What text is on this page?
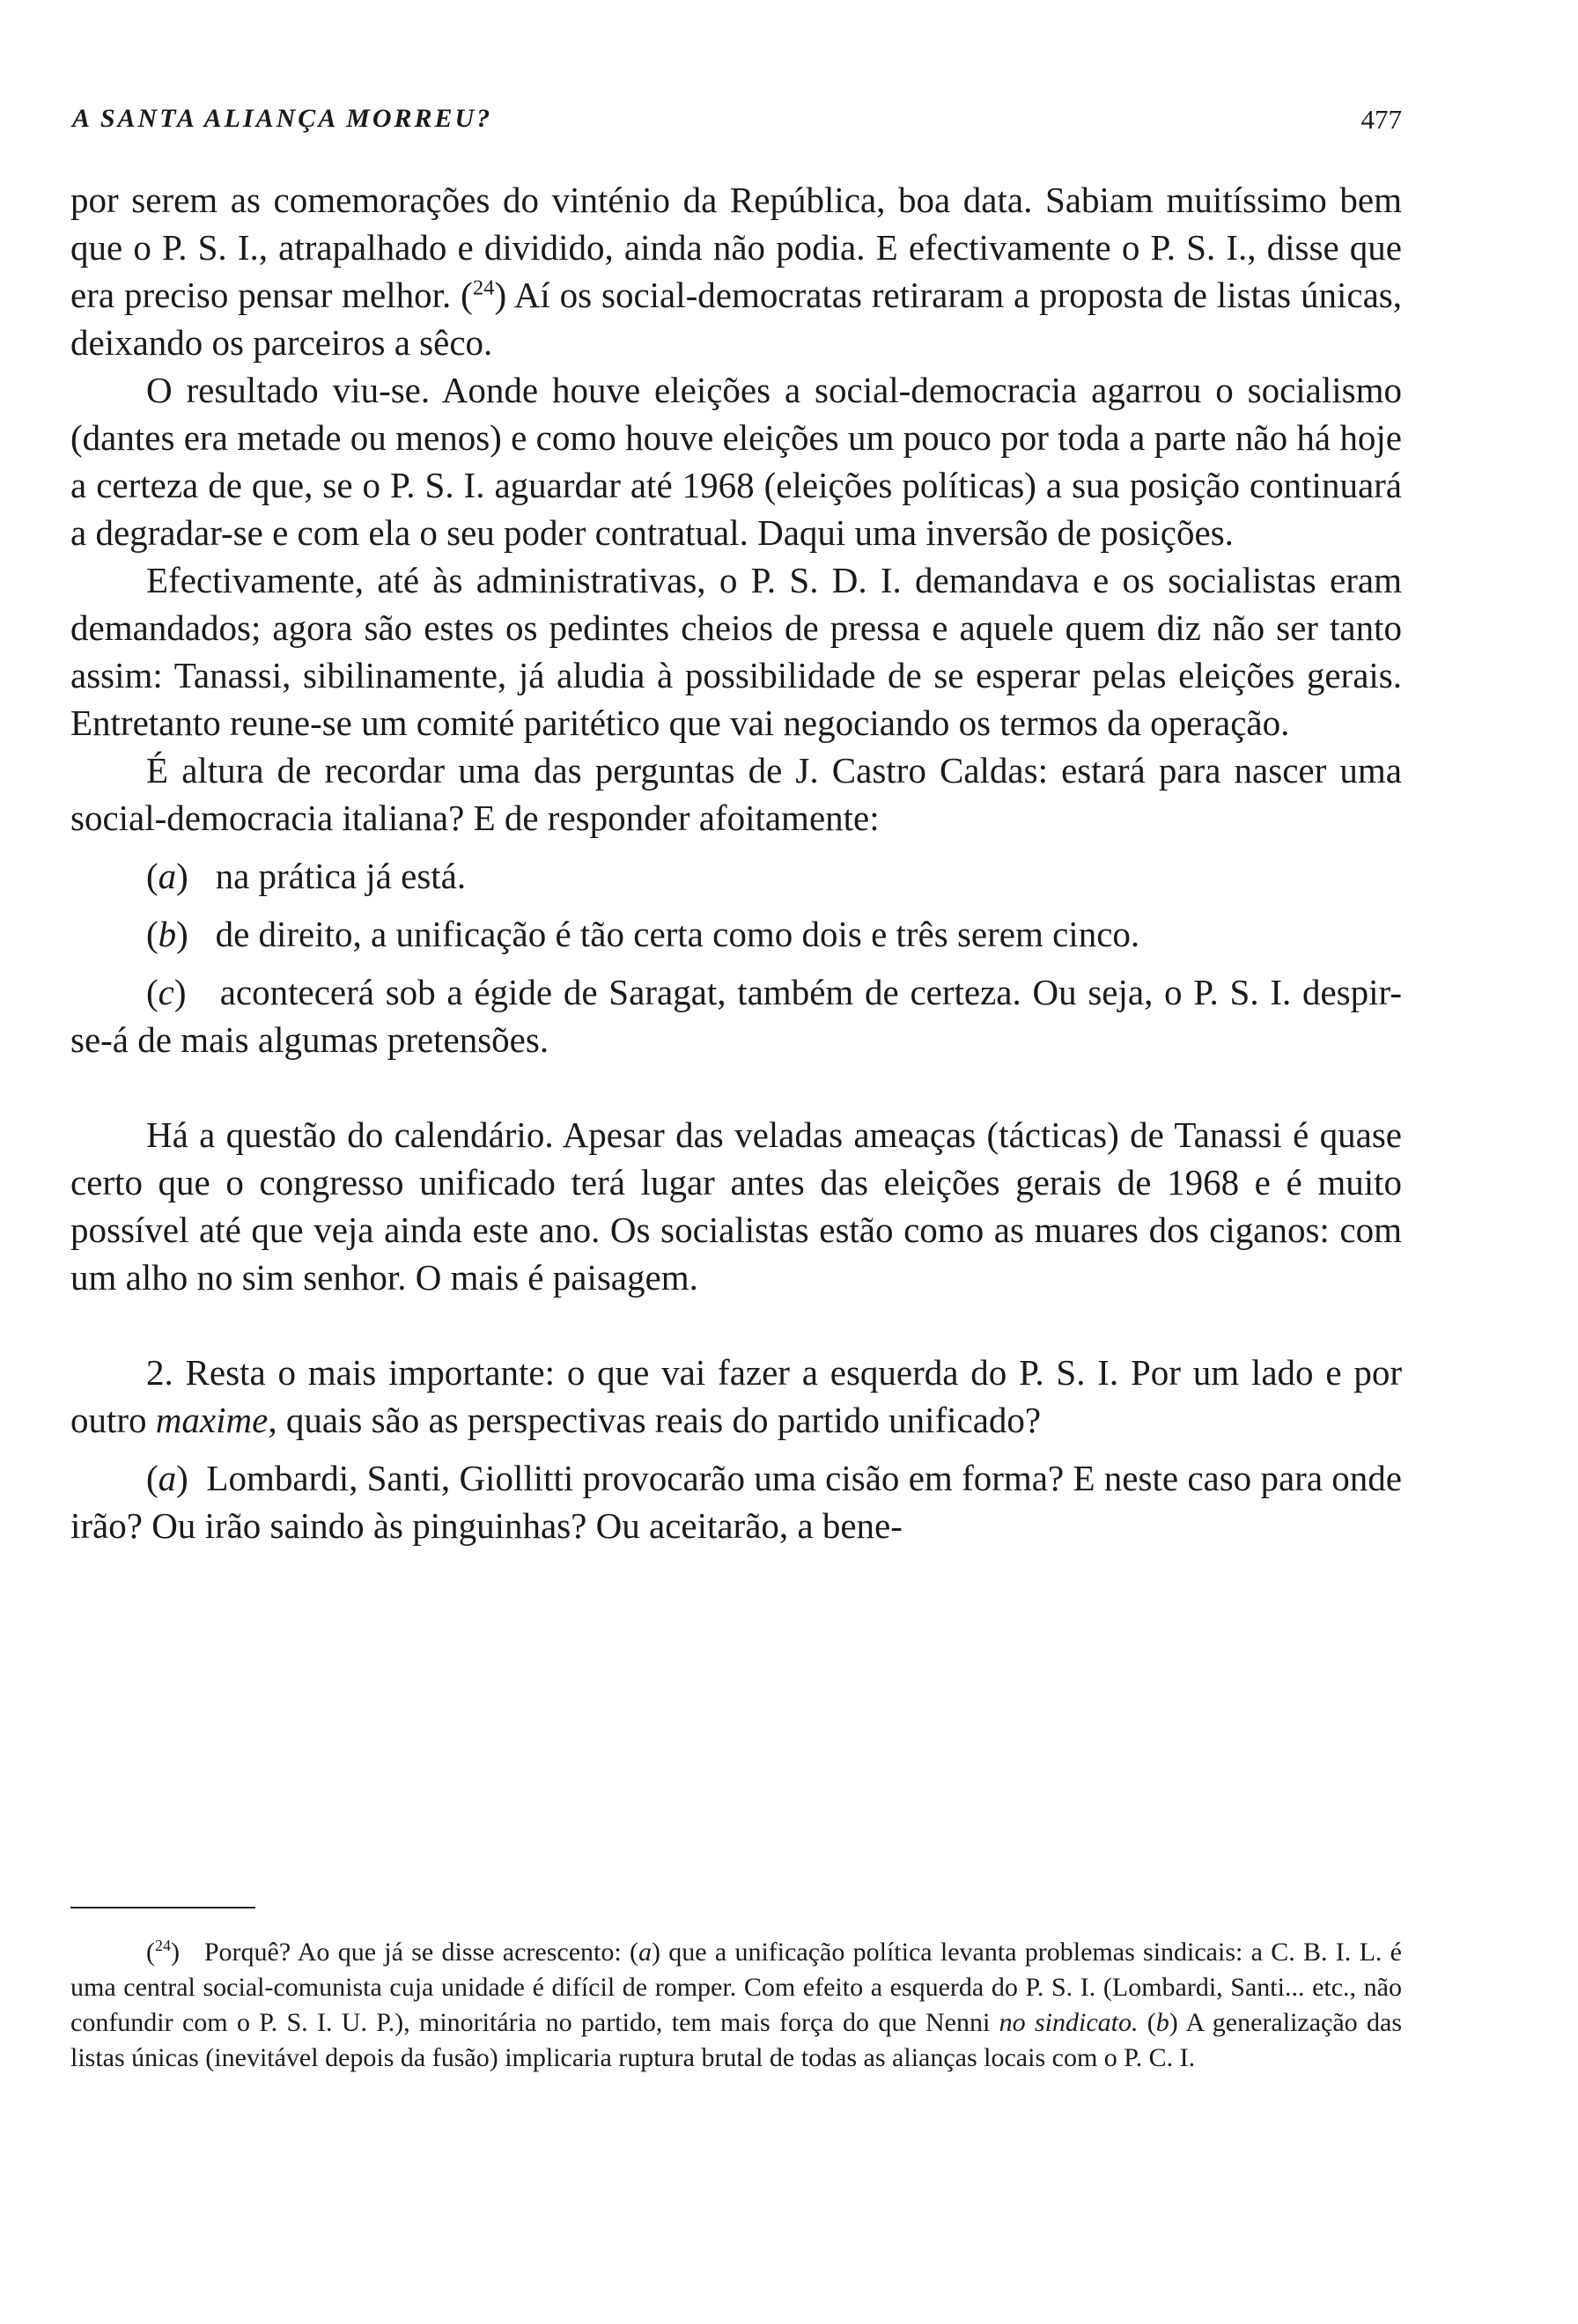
A SANTA ALIANÇA MORREU?	477

por serem as comemorações do vinténio da República, boa data. Sabiam muitíssimo bem que o P. S. I., atrapalhado e dividido, ainda não podia. E efectivamente o P. S. I., disse que era preciso pensar melhor. ($^{24}$) Aí os social-democratas retiraram a proposta de listas únicas, deixando os parceiros a sêco.

O resultado viu-se. Aonde houve eleições a social-democracia agarrou o socialismo (dantes era metade ou menos) e como houve eleições um pouco por toda a parte não há hoje a certeza de que, se o P. S. I. aguardar até 1968 (eleições políticas) a sua posição continuará a degradar-se e com ela o seu poder contratual. Daqui uma inversão de posições.

Efectivamente, até às administrativas, o P. S. D. I. demandava e os socialistas eram demandados; agora são estes os pedintes cheios de pressa e aquele quem diz não ser tanto assim: Tanassi, sibilinamente, já aludia à possibilidade de se esperar pelas eleições gerais. Entretanto reune-se um comité paritético que vai negociando os termos da operação.

É altura de recordar uma das perguntas de J. Castro Caldas: estará para nascer uma social-democracia italiana? E de responder afoitamente:

(a)   na prática já está.

(b)   de direito, a unificação é tão certa como dois e três serem cinco.

(c)   acontecerá sob a égide de Saragat, também de certeza. Ou seja, o P. S. I. despir-se-á de mais algumas pretensões.

Há a questão do calendário. Apesar das veladas ameaças (tácticas) de Tanassi é quase certo que o congresso unificado terá lugar antes das eleições gerais de 1968 e é muito possível até que veja ainda este ano. Os socialistas estão como as muares dos ciganos: com um alho no sim senhor. O mais é paisagem.

2. Resta o mais importante: o que vai fazer a esquerda do P. S. I. Por um lado e por outro maxime, quais são as perspectivas reais do partido unificado?

(a)  Lombardi, Santi, Giollitti provocarão uma cisão em forma? E neste caso para onde irão? Ou irão saindo às pinguinhas? Ou aceitarão, a bene-

($^{24}$)   Porquê? Ao que já se disse acrescento: (a) que a unificação política levanta problemas sindicais: a C. B. I. L. é uma central social-comunista cuja unidade é difícil de romper. Com efeito a esquerda do P. S. I. (Lombardi, Santi... etc., não confundir com o P. S. I. U. P.), minoritária no partido, tem mais força do que Nenni no sindicato. (b) A generalização das listas únicas (inevitável depois da fusão) implicaria ruptura brutal de todas as alianças locais com o P. C. I.
